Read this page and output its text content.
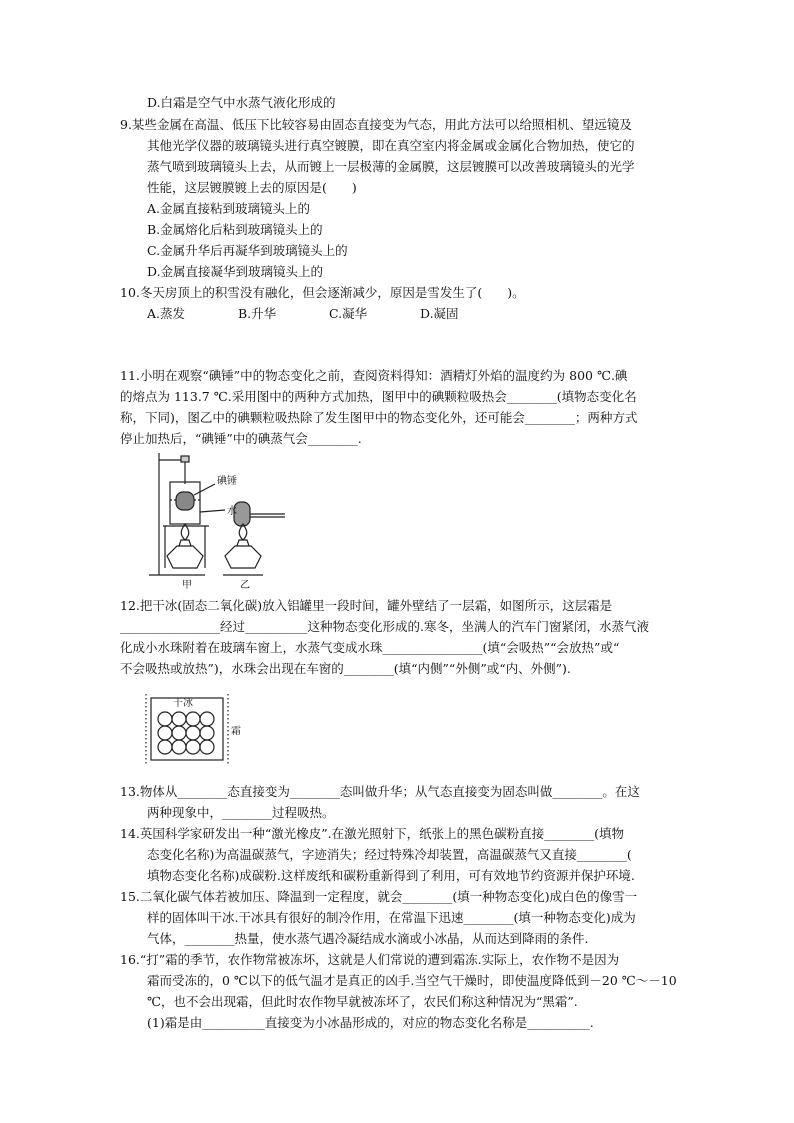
D.白霜是空气中水蒸气液化形成的
9.某些金属在高温、低压下比较容易由固态直接变为气态，用此方法可以给照相机、望远镜及
其他光学仪器的玻璃镜头进行真空镀膜，即在真空室内将金属或金属化合物加热，使它的
蒸气喷到玻璃镜头上去，从而镀上一层极薄的金属膜，这层镀膜可以改善玻璃镜头的光学
性能，这层镀膜镀上去的原因是(　　)
A.金属直接粘到玻璃镜头上的
B.金属熔化后粘到玻璃镜头上的
C.金属升华后再凝华到玻璃镜头上的
D.金属直接凝华到玻璃镜头上的
10.冬天房顶上的积雪没有融化，但会逐渐减少，原因是雪发生了(　　)。
A.蒸发	B.升华	C.凝华	D.凝固
11.小明在观察“碘锤”中的物态变化之前，查阅资料得知：酒精灯外焰的温度约为 800 ℃.碘
的熔点为 113.7 ℃.采用图中的两种方式加热，图甲中的碘颗粒吸热会________(填物态变化名
称，下同)，图乙中的碘颗粒吸热除了发生图甲中的物态变化外，还可能会________；两种方式
停止加热后，“碘锤”中的碘蒸气会________.
碘锤
水
甲	乙
12.把干冰(固态二氧化碳)放入铝罐里一段时间，罐外壁结了一层霜，如图所示，这层霜是
________________经过__________这种物态变化形成的.寒冬，坐满人的汽车门窗紧闭，水蒸气液
化成小水珠附着在玻璃车窗上，水蒸气变成水珠________________(填“会吸热”“会放热”或“
不会吸热或放热”)，水珠会出现在车窗的________(填“内侧”“外侧”或“内、外侧”).
干冰
霜
13.物体从________态直接变为________态叫做升华；从气态直接变为固态叫做________。在这
两种现象中，________过程吸热。
14.英国科学家研发出一种“激光橡皮”.在激光照射下，纸张上的黑色碳粉直接________(填物
态变化名称)为高温碳蒸气，字迹消失；经过特殊冷却装置，高温碳蒸气又直接________(
填物态变化名称)成碳粉.这样废纸和碳粉重新得到了利用，可有效地节约资源并保护环境.
15.二氧化碳气体若被加压、降温到一定程度，就会________(填一种物态变化)成白色的像雪一
样的固体叫干冰.干冰具有很好的制冷作用，在常温下迅速________(填一种物态变化)成为
气体，________热量，使水蒸气遇冷凝结成水滴或小冰晶，从而达到降雨的条件.
16.“打”霜的季节，农作物常被冻坏，这就是人们常说的遭到霜冻.实际上，农作物不是因为
霜而受冻的，0 ℃以下的低气温才是真正的凶手.当空气干燥时，即使温度降低到－20 ℃～－10
℃，也不会出现霜，但此时农作物早就被冻坏了，农民们称这种情况为“黑霜”.
(1)霜是由__________直接变为小冰晶形成的，对应的物态变化名称是__________.
